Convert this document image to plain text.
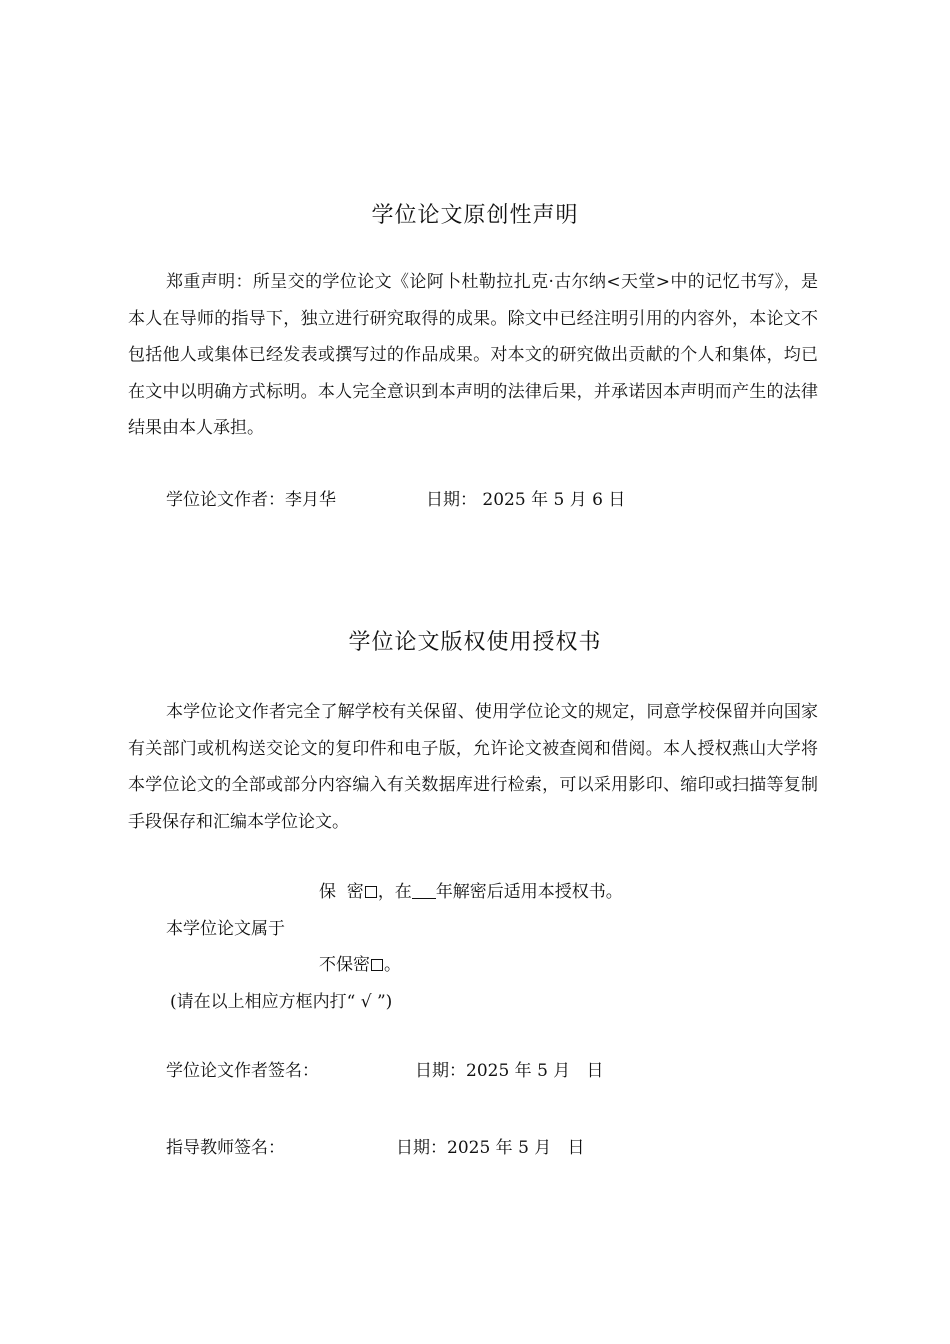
学位论文原创性声明
郑重声明：所呈交的学位论文《论阿卜杜勒拉扎克·古尔纳<天堂>中的记忆书写》，是本人在导师的指导下，独立进行研究取得的成果。除文中已经注明引用的内容外，本论文不包括他人或集体已经发表或撰写过的作品成果。对本文的研究做出贡献的个人和集体，均已在文中以明确方式标明。本人完全意识到本声明的法律后果，并承诺因本声明而产生的法律结果由本人承担。
学位论文作者：李月华	日期： 2025 年 5 月 6 日
学位论文版权使用授权书
本学位论文作者完全了解学校有关保留、使用学位论文的规定，同意学校保留并向国家有关部门或机构送交论文的复印件和电子版，允许论文被查阅和借阅。本人授权燕山大学将本学位论文的全部或部分内容编入有关数据库进行检索，可以采用影印、缩印或扫描等复制手段保存和汇编本学位论文。
保  密 ，在 年解密后适用本授权书。
本学位论文属于
不保密 。
(请在以上相应方框内打“ √ ”)
学位论文作者签名：	日期：2025 年 5 月   日
指导教师签名：	日期：2025 年 5 月   日
